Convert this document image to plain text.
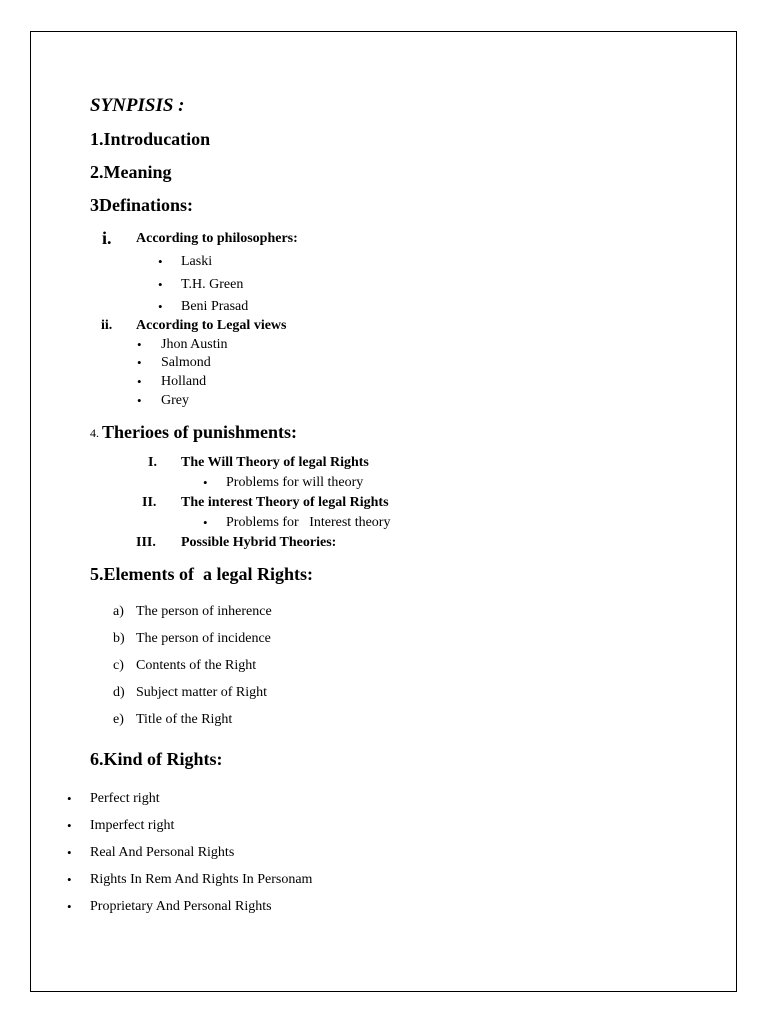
SYNPISIS :
1.Introducation
2.Meaning
3Definations:
i. According to philosophers:
• Laski
• T.H. Green
• Beni Prasad
ii. According to Legal views
• Jhon Austin
• Salmond
• Holland
• Grey
4. Therioes of punishments:
I. The Will Theory of legal Rights
• Problems for will theory
II. The interest Theory of legal Rights
• Problems for   Interest theory
III. Possible Hybrid Theories:
5.Elements of  a legal Rights:
a) The person of inherence
b) The person of incidence
c) Contents of the Right
d) Subject matter of Right
e) Title of the Right
6.Kind of Rights:
• Perfect right
• Imperfect right
• Real And Personal Rights
• Rights In Rem And Rights In Personam
• Proprietary And Personal Rights
